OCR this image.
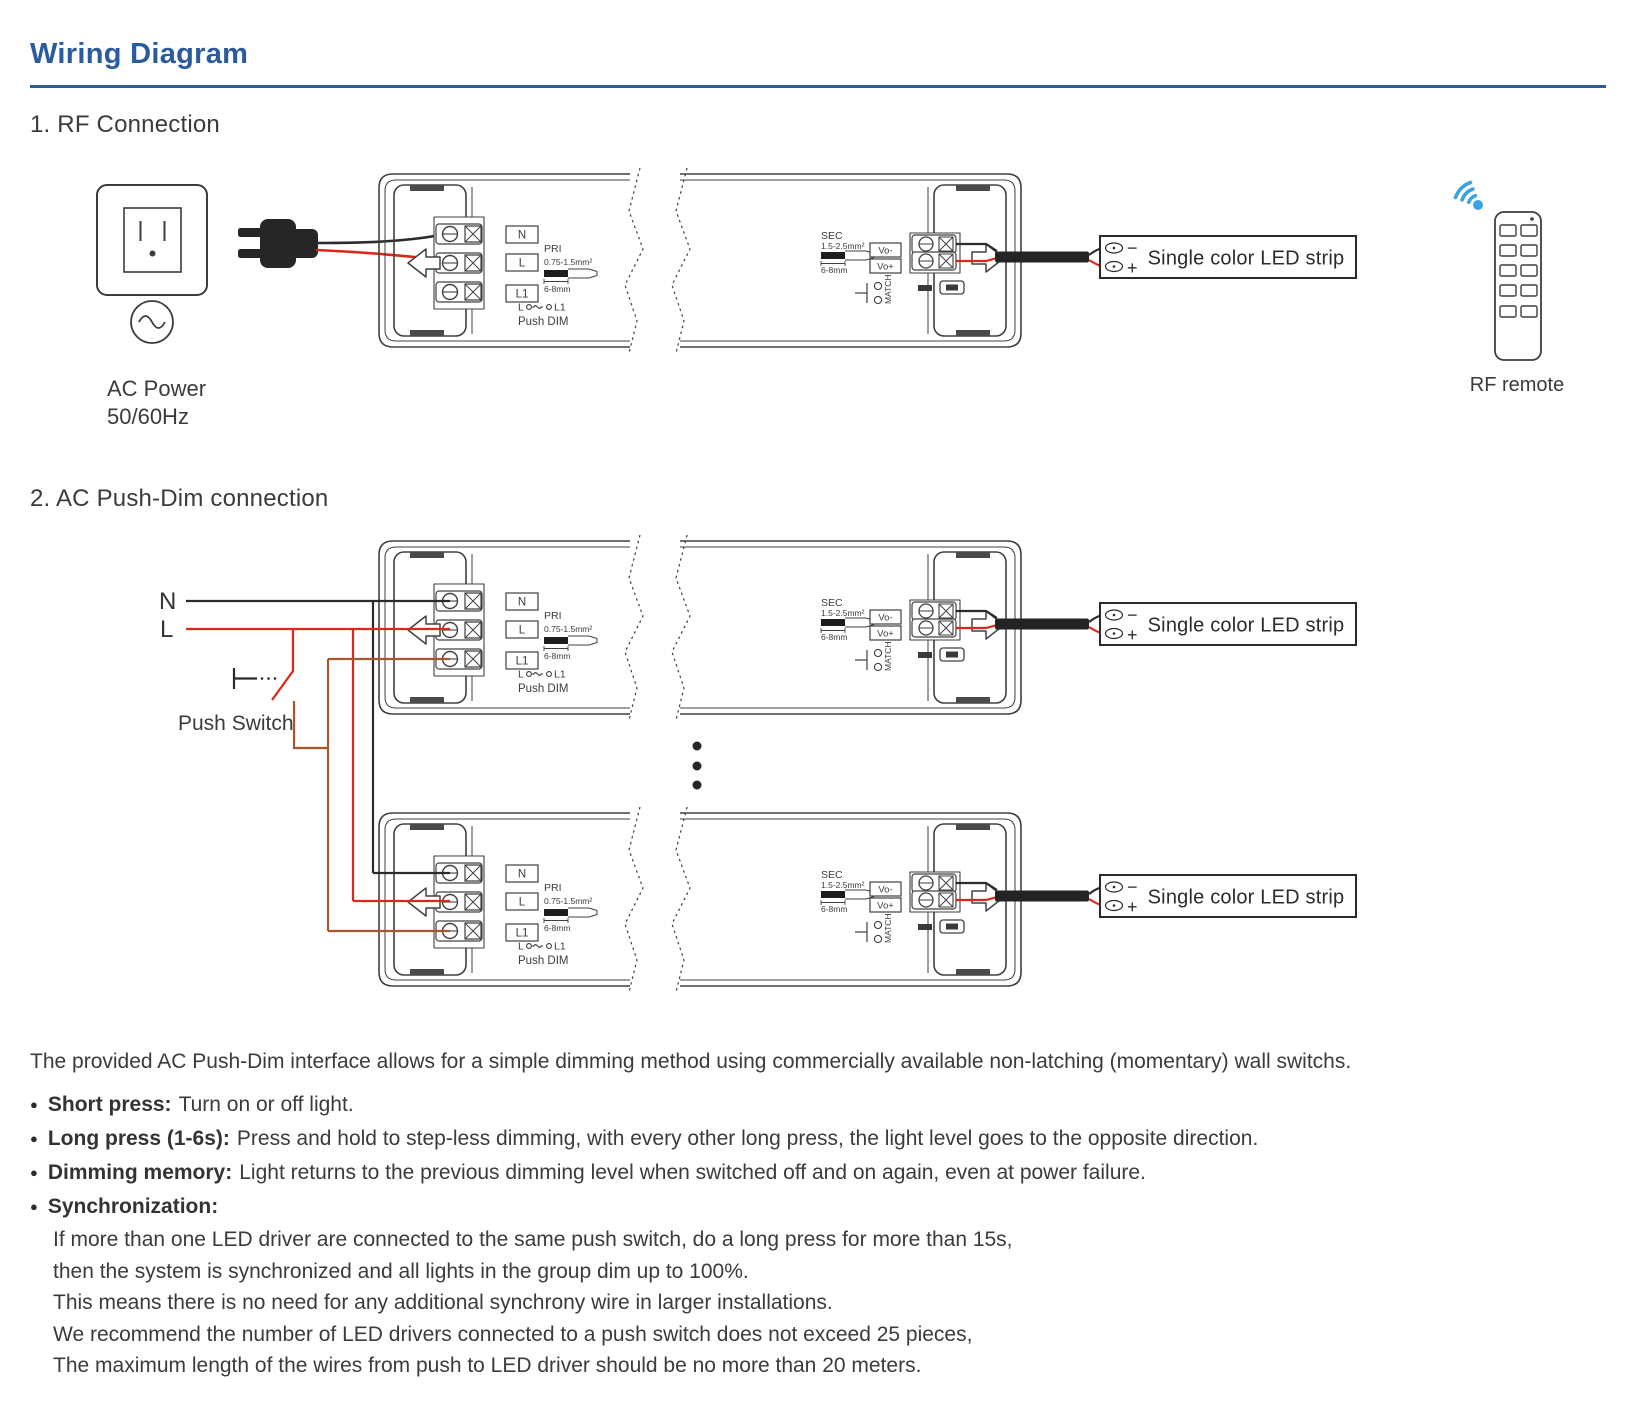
Wiring Diagram
1. RF Connection
2. AC Push-Dim connection
AC Power
50/60Hz
N
PRI
L 0.75-1.5mm²
6-8mm
L1
L	L1
Push DIM
SEC
1.5-2.5mm²
6-8mm
Vo-
Vo+
MATCH
−
+ Single color LED strip
RF remote
N
L
Push Switch
N
PRI
L 0.75-1.5mm²
6-8mm
L1
L	L1
Push DIM
SEC
1.5-2.5mm²
6-8mm
Vo-
Vo+
MATCH
−
+ Single color LED strip
N
PRI
L 0.75-1.5mm²
6-8mm
L1
L	L1
Push DIM
SEC
1.5-2.5mm²
6-8mm
Vo-
Vo+
MATCH
−
+ Single color LED strip

The provided AC Push-Dim interface allows for a simple dimming method using commercially available non-latching (momentary) wall switchs.

● Short press: Turn on or off light.
● Long press (1-6s): Press and hold to step-less dimming, with every other long press, the light level goes to the opposite direction.
● Dimming memory: Light returns to the previous dimming level when switched off and on again, even at power failure.
● Synchronization:
If more than one LED driver are connected to the same push switch, do a long press for more than 15s,
then the system is synchronized and all lights in the group dim up to 100%.
This means there is no need for any additional synchrony wire in larger installations.
We recommend the number of LED drivers connected to a push switch does not exceed 25 pieces,
The maximum length of the wires from push to LED driver should be no more than 20 meters.
